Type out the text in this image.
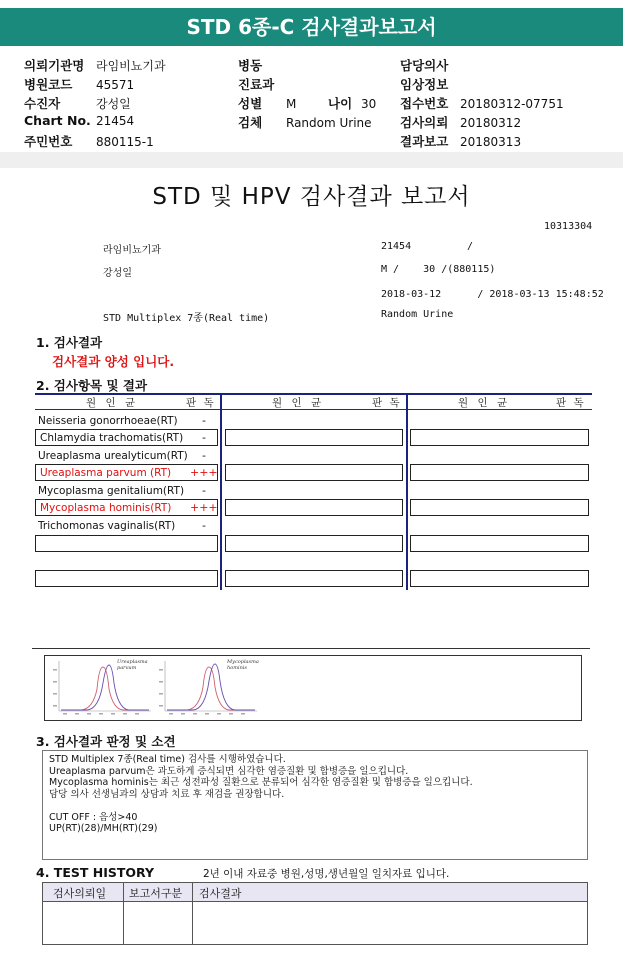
STD 6종-C 검사결과보고서
의뢰기관명 라임비뇨기과
병원코드 45571
수진자	강성일
Chart No. 21454
주민번호 880115-1
병동
진료과
성별 M	나이 30
검체 Random Urine
담당의사
임상정보
접수번호 20180312-07751
검사의뢰 20180312
결과보고 20180313
STD 및 HPV 검사결과 보고서
10313304
라임비뇨기과	21454	/
강성일	M /    30 /(880115)
2018-03-12      / 2018-03-13 15:48:52
STD Multiplex 7종(Real time)	Random Urine
1. 검사결과
검사결과 양성 입니다.
2. 검사항목 및 결과
원 인 균	판 독	원 인 균	판 독	원 인 균	판 독
Neisseria gonorrhoeae(RT) -
Chlamydia trachomatis(RT) -
Ureaplasma urealyticum(RT) -
Ureaplasma parvum (RT) +++
Mycoplasma genitalium(RT) -
Mycoplasma hominis(RT) +++
Trichomonas vaginalis(RT) -
Ureaplasma
parvum
Mycoplasma
hominis
3. 검사결과 판정 및 소견
STD Multiplex 7종(Real time) 검사를 시행하였습니다.
Ureaplasma parvum은 과도하게 증식되면 심각한 염증질환 및 합병증을 일으킵니다.
Mycoplasma hominis는 최근 성전파성 질환으로 분류되어 심각한 염증질환 및 합병증을 일으킵니다.
담당 의사 선생님과의 상담과 치료 후 재검을 권장합니다.
CUT OFF : 음성>40
UP(RT)(28)/MH(RT)(29)
4. TEST HISTORY	2년 이내 자료중 병원,성명,생년월일 일치자료 입니다.
검사의뢰일 보고서구분 검사결과
